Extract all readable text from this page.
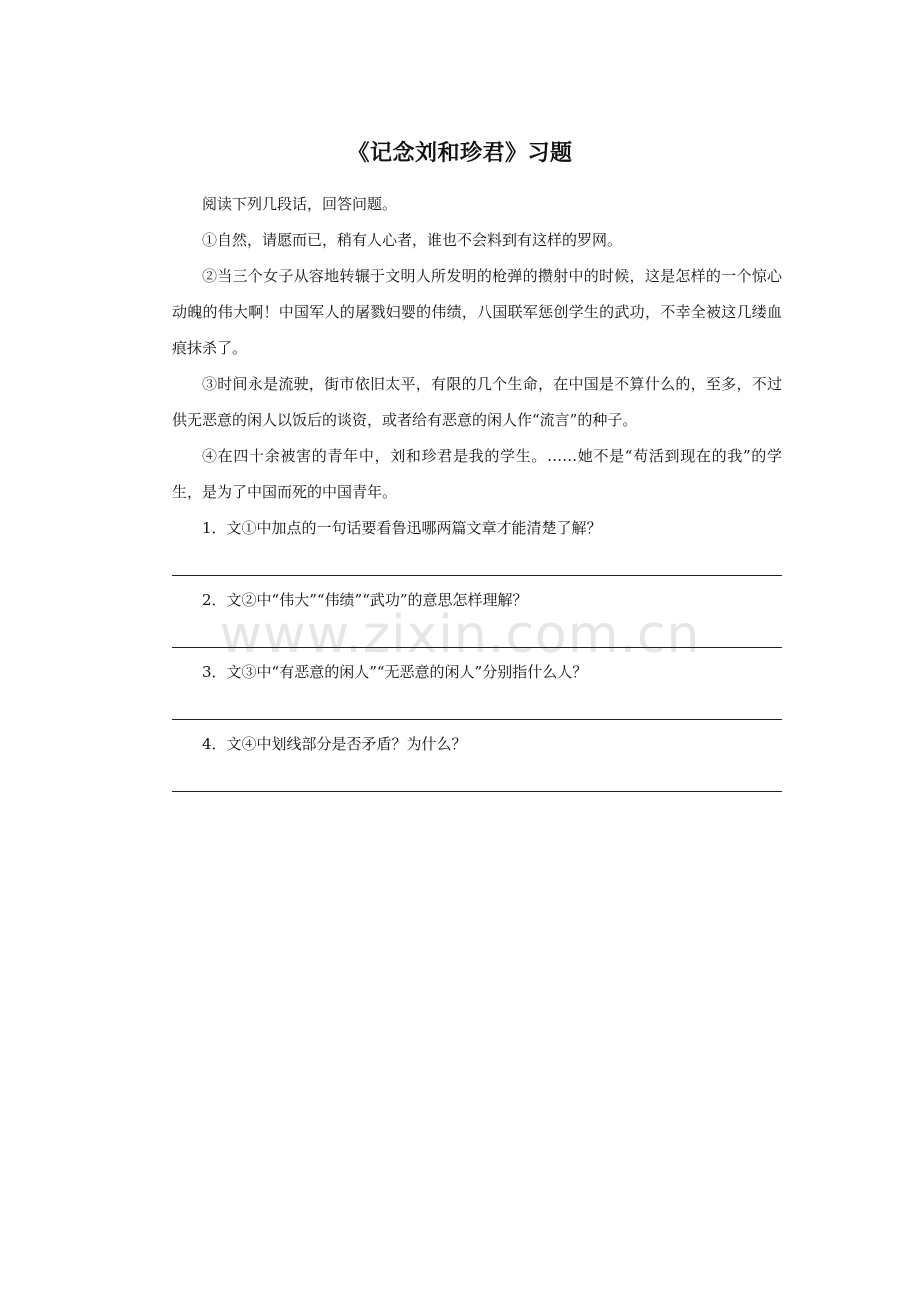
www.zixin.com.cn
《记念刘和珍君》习题

阅读下列几段话，回答问题。

①自然，请愿而已，稍有人心者，谁也不会料到有这样的罗网。

②当三个女子从容地转辗于文明人所发明的枪弹的攒射中的时候，这是怎样的一个惊心动魄的伟大啊！中国军人的屠戮妇婴的伟绩，八国联军惩创学生的武功，不幸全被这几缕血痕抹杀了。

③时间永是流驶，街市依旧太平，有限的几个生命，在中国是不算什么的，至多，不过供无恶意的闲人以饭后的谈资，或者给有恶意的闲人作“流言”的种子。

④在四十余被害的青年中，刘和珍君是我的学生。……她不是“苟活到现在的我”的学生，是为了中国而死的中国青年。

1．文①中加点的一句话要看鲁迅哪两篇文章才能清楚了解？

2．文②中“伟大”“伟绩”“武功”的意思怎样理解？

3．文③中“有恶意的闲人”“无恶意的闲人”分别指什么人？

4．文④中划线部分是否矛盾？为什么？
